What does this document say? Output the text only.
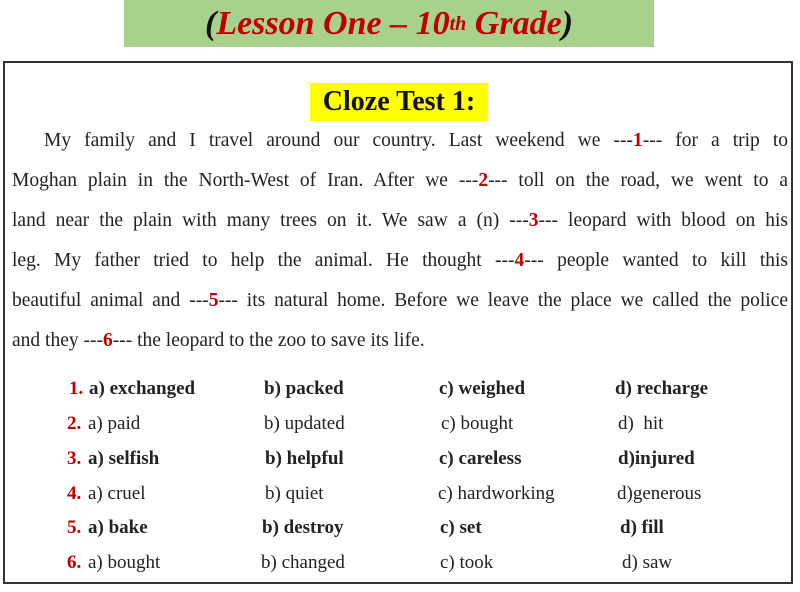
( Lesson One – 10 th Grade )
Cloze Test 1:
My family and I travel around our country. Last weekend we ---1--- for a trip to
Moghan plain in the North-West of Iran. After we ---2--- toll on the road, we went to a
land near the plain with many trees on it. We saw a (n) ---3--- leopard with blood on his
leg. My father tried to help the animal. He thought ---4--- people wanted to kill this
beautiful animal and ---5--- its natural home. Before we leave the place we called the police
and they ---6--- the leopard to the zoo to save its life.
1. a) exchanged	b) packed	c) weighed	d) recharge
2. a) paid	b) updated	c) bought	d)  hit
3. a) selfish	b) helpful	c) careless	d)injured
4. a) cruel	b) quiet	c) hardworking	d)generous
5. a) bake	b) destroy	c) set	d) fill
6. a) bought	b) changed	c) took	d) saw
